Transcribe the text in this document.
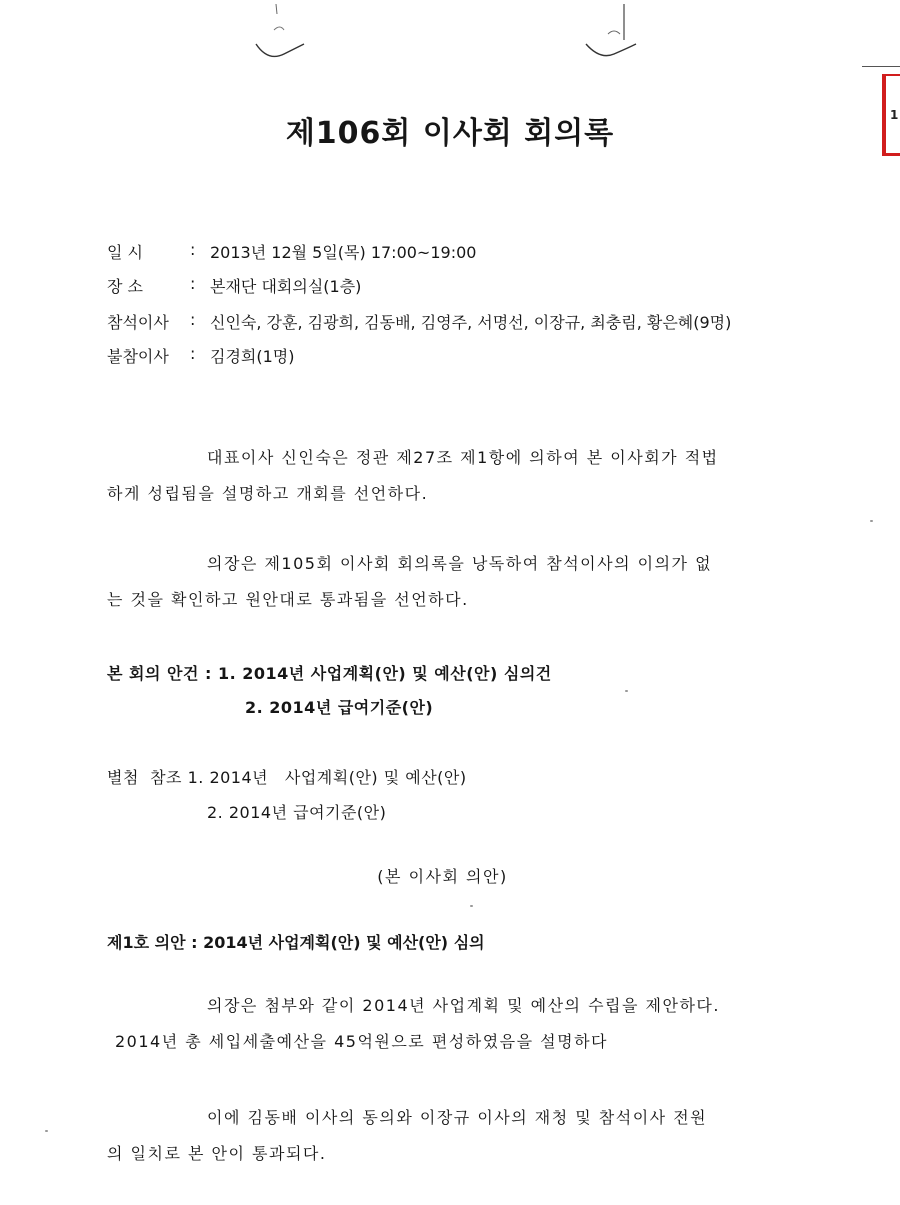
1
제106회 이사회 회의록
일 시	: 2013년 12월 5일(목) 17:00~19:00
장 소	: 본재단 대회의실(1층)
참석이사 : 신인숙, 강훈, 김광희, 김동배, 김영주, 서명선, 이장규, 최충림, 황은혜(9명)
불참이사 : 김경희(1명)
대표이사 신인숙은 정관 제27조 제1항에 의하여 본 이사회가 적법
하게 성립됨을 설명하고 개회를 선언하다.
의장은 제105회 이사회 회의록을 낭독하여 참석이사의 이의가 없
는 것을 확인하고 원안대로 통과됨을 선언하다.
본 회의 안건 : 1. 2014년 사업계획(안) 및 예산(안) 심의건
2. 2014년 급여기준(안)
별첨  참조 1. 2014년   사업계획(안) 및 예산(안)
2. 2014년 급여기준(안)
(본 이사회 의안)
제1호 의안 : 2014년 사업계획(안) 및 예산(안) 심의
의장은 첨부와 같이 2014년 사업계획 및 예산의 수립을 제안하다.
2014년 총 세입세출예산을 45억원으로 편성하였음을 설명하다
이에 김동배 이사의 동의와 이장규 이사의 재청 및 참석이사 전원
의 일치로 본 안이 통과되다.
